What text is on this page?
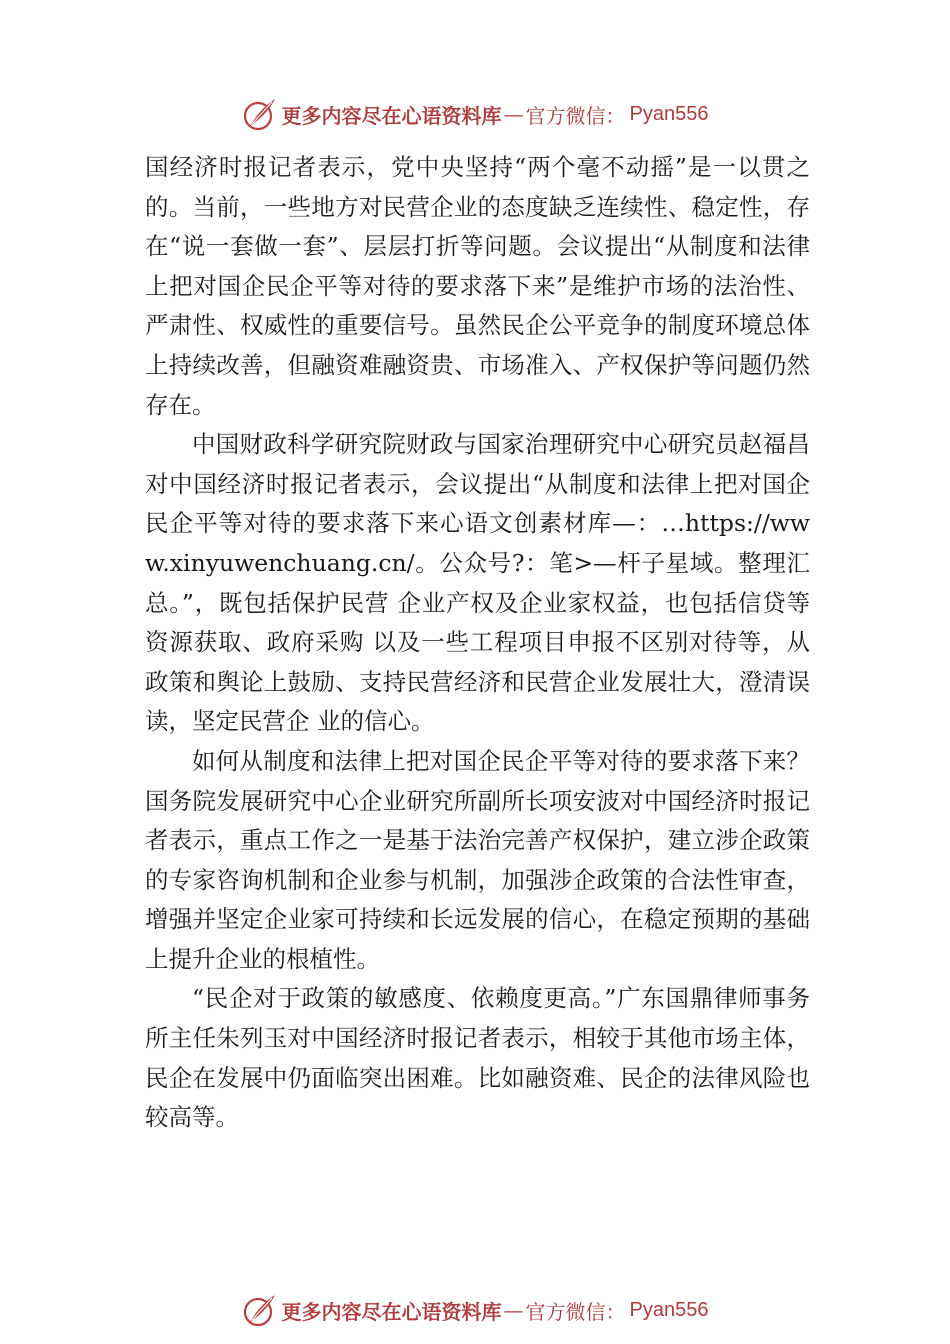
更多内容尽在心语资料库 — 官方微信： Pyan556

国经济时报记者表示，党中央坚持“两个毫不动摇”是一以贯之的。当前，一些地方对民营企业的态度缺乏连续性、稳定性，存在“说一套做一套”、层层打折等问题。会议提出“从制度和法律上把对国企民企平等对待的要求落下来”是维护市场的法治性、严肃性、权威性的重要信号。虽然民企公平竞争的制度环境总体上持续改善，但融资难融资贵、市场准入、产权保护等问题仍然存在。

中国财政科学研究院财政与国家治理研究中心研究员赵福昌对中国经济时报记者表示，会议提出“从制度和法律上把对国企民企平等对待的要求落下来心语文创素材库—：…https://www.xinyuwenchuang.cn/。公众号?：笔>—杆子星域。整理汇总。”，既包括保护民营 企业产权及企业家权益，也包括信贷等资源获取、政府采购 以及一些工程项目申报不区别对待等，从政策和舆论上鼓励、支持民营经济和民营企业发展壮大，澄清误读，坚定民营企 业的信心。

如何从制度和法律上把对国企民企平等对待的要求落下来？国务院发展研究中心企业研究所副所长项安波对中国经济时报记者表示，重点工作之一是基于法治完善产权保护，建立涉企政策的专家咨询机制和企业参与机制，加强涉企政策的合法性审查，增强并坚定企业家可持续和长远发展的信心，在稳定预期的基础上提升企业的根植性。

“民企对于政策的敏感度、依赖度更高。”广东国鼎律师事务所主任朱列玉对中国经济时报记者表示，相较于其他市场主体，民企在发展中仍面临突出困难。比如融资难、民企的法律风险也较高等。

更多内容尽在心语资料库 — 官方微信： Pyan556
